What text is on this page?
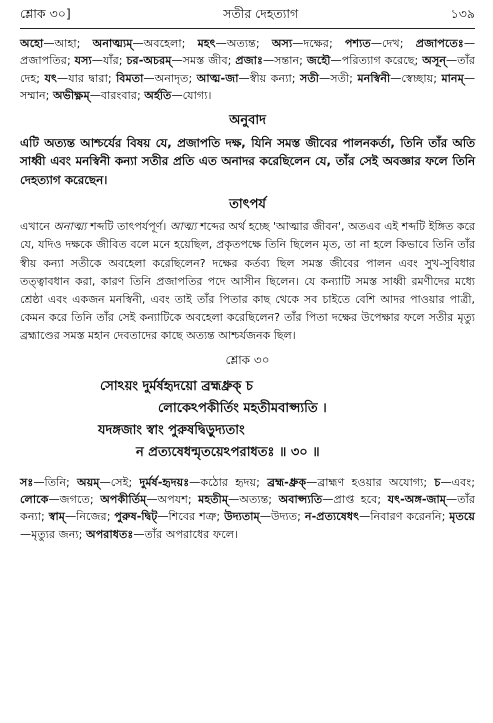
শ্লোক ৩০]	সতীর দেহত্যাগ	১৩৯
অহো—আহা; অনাত্ম্যম্—অবহেলা; মহৎ—অত্যন্ত; অস্য—দক্ষের; পশ্যত—দেখ; প্রজাপতেঃ—প্রজাপতির; যস্য—যাঁর; চর-অচরম্—সমস্ত জীব; প্রজাঃ—সন্তান; জহৌ—পরিত্যাগ করেছে; অসূন্—তাঁর দেহ; যৎ—যার দ্বারা; বিমতা—অনাদৃত; আত্ম-জা—স্বীয় কন্যা; সতী—সতী; মনস্বিনী—স্বেচ্ছায়; মানম্—সম্মান; অভীক্ষ্ণম্—বারংবার; অর্হতি—যোগ্য।
অনুবাদ
এটি অত্যন্ত আশ্চর্যের বিষয় যে, প্রজাপতি দক্ষ, যিনি সমস্ত জীবের পালনকর্তা, তিনি তাঁর অতি সাধ্বী এবং মনস্বিনী কন্যা সতীর প্রতি এত অনাদর করেছিলেন যে, তাঁর সেই অবজ্ঞার ফলে তিনি দেহত্যাগ করেছেন।
তাৎপর্য
এখানে অনাত্ম্য শব্দটি তাৎপর্যপূর্ণ। আত্ম্য শব্দের অর্থ হচ্ছে 'আত্মার জীবন', অতএব এই শব্দটি ইঙ্গিত করে যে, যদিও দক্ষকে জীবিত বলে মনে হয়েছিল, প্রকৃতপক্ষে তিনি ছিলেন মৃত, তা না হলে কিভাবে তিনি তাঁর স্বীয় কন্যা সতীকে অবহেলা করেছিলেন? দক্ষের কর্তব্য ছিল সমস্ত জীবের পালন এবং সুখ-সুবিধার তত্ত্বাবধান করা, কারণ তিনি প্রজাপতির পদে আসীন ছিলেন। যে কন্যাটি সমস্ত সাধ্বী রমণীদের মধ্যে শ্রেষ্ঠা এবং একজন মনস্বিনী, এবং তাই তাঁর পিতার কাছ থেকে সব চাইতে বেশি আদর পাওয়ার পাত্রী, কেমন করে তিনি তাঁর সেই কন্যাটিকে অবহেলা করেছিলেন? তাঁর পিতা দক্ষের উপেক্ষার ফলে সতীর মৃত্যু ব্রহ্মাণ্ডের সমস্ত মহান দেবতাদের কাছে অত্যন্ত আশ্চর্যজনক ছিল।
শ্লোক ৩০
সোঽয়ং দুর্মর্ষহৃদয়ো ব্রহ্মধ্রুক্ চ
লোকেঽপকীর্তিং মহতীমবাপ্স্যতি ।
যদঙ্গজাং স্বাং পুরুষদ্বিড়ুদ্যতাং
ন প্রত্যষেধন্মৃতয়েঽপরাধতঃ ॥ ৩০ ॥
সঃ—তিনি; অয়ম্—সেই; দুর্মর্ষ-হৃদয়ঃ—কঠোর হৃদয়; ব্রহ্ম-ধ্রুক্—ব্রাহ্মণ হওয়ার অযোগ্য; চ—এবং; লোকে—জগতে; অপকীর্তিম্—অপযশ; মহতীম্—অত্যন্ত; অবাপ্স্যতি—প্রাপ্ত হবে; যৎ-অঙ্গ-জাম্—তাঁর কন্যা; স্বাম্—নিজের; পুরুষ-দ্বিট্—শিবের শত্রু; উদ্যতাম্—উদ্যত; ন-প্রত্যষেধৎ—নিবারণ করেননি; মৃতয়ে—মৃত্যুর জন্য; অপরাধতঃ—তাঁর অপরাধের ফলে।
